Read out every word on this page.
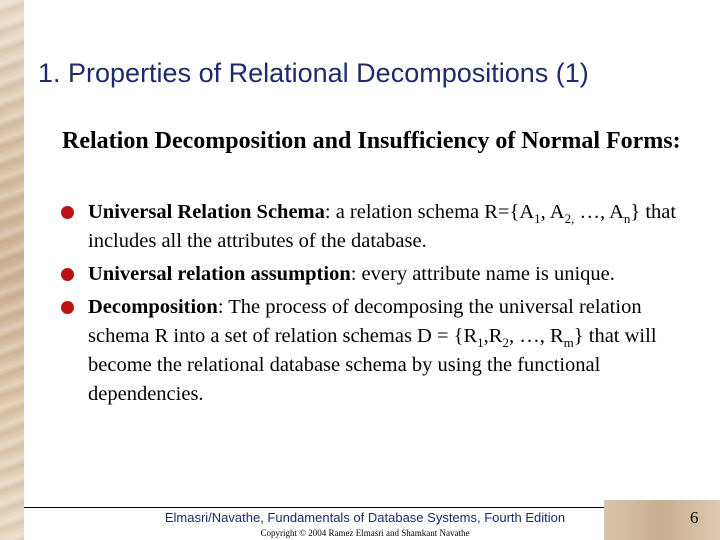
1. Properties of Relational Decompositions (1)
Relation Decomposition and Insufficiency of Normal Forms:
Universal Relation Schema: a relation schema $R=\{A_1$, $A_{2,}$ …, $A_n$} that includes all the attributes of the database.
Universal relation assumption: every attribute name is unique.
Decomposition: The process of decomposing the universal relation schema R into a set of relation schemas $D = \{R_1,R_2$, …, $R_m$} that will become the relational database schema by using the functional dependencies.
Elmasri/Navathe, Fundamentals of Database Systems, Fourth Edition
Copyright © 2004 Ramez Elmasri and Shamkant Navathe
6
